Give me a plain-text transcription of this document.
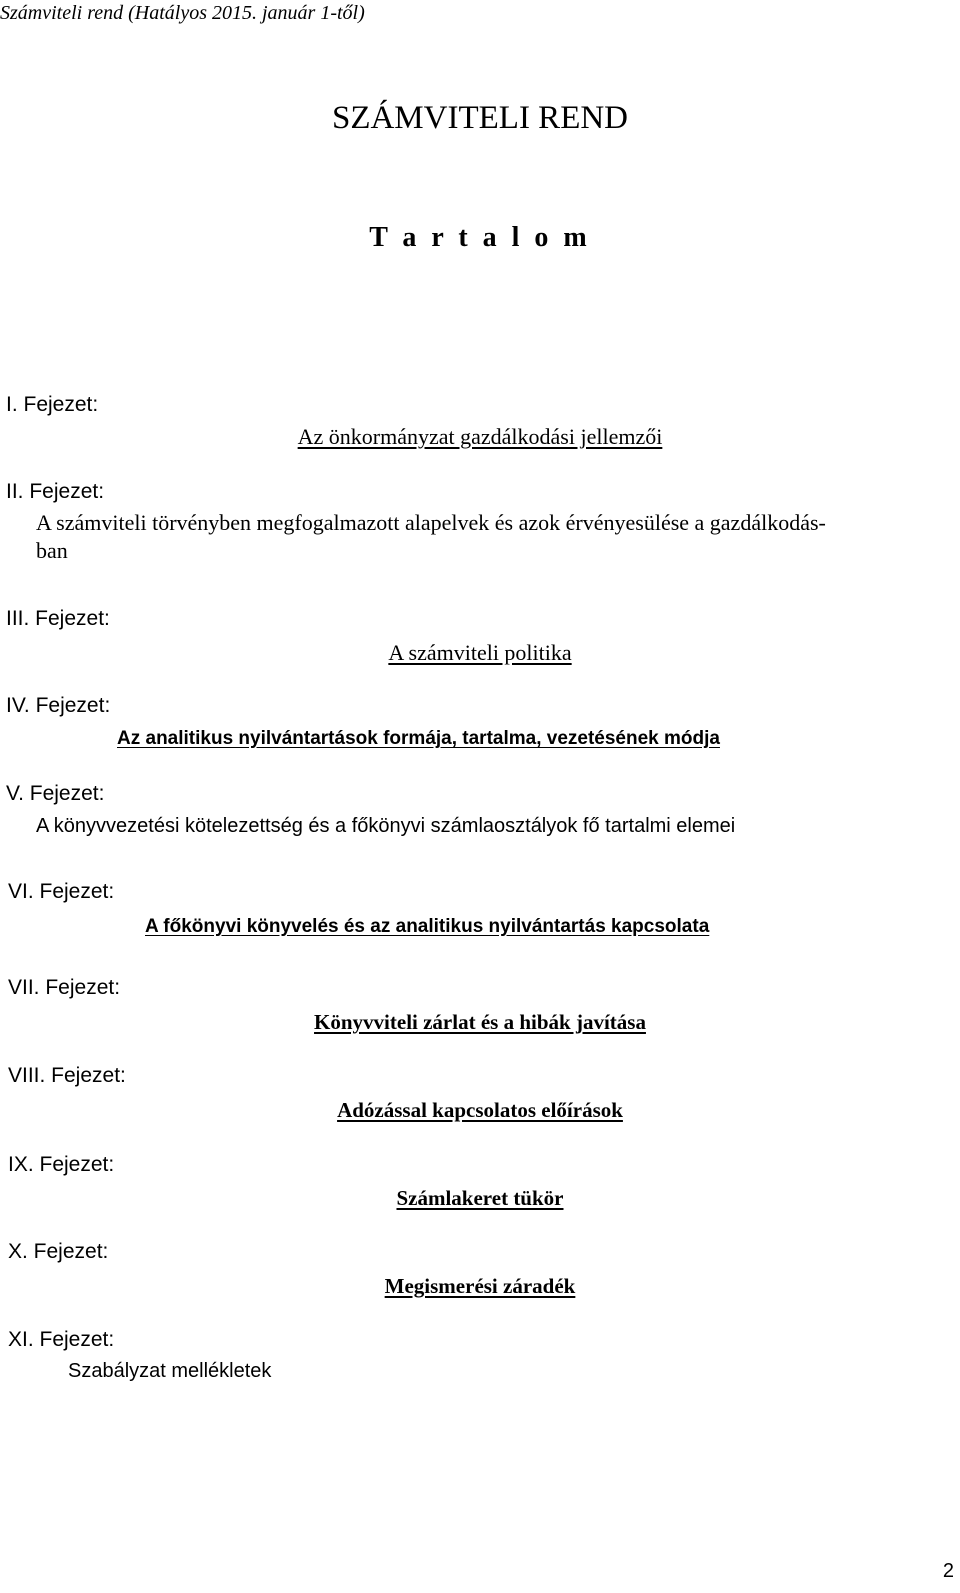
Számviteli rend (Hatályos 2015. január 1-től)
SZÁMVITELI REND
T a r t a l o m
I. Fejezet:
Az önkormányzat gazdálkodási jellemzői
II. Fejezet:
A számviteli törvényben megfogalmazott alapelvek és azok érvényesülése a gazdálkodás-
ban
III. Fejezet:
A számviteli politika
IV. Fejezet:
Az analitikus nyilvántartások formája, tartalma, vezetésének módja
V. Fejezet:
A könyvvezetési kötelezettség és a főkönyvi számlaosztályok fő tartalmi elemei
VI. Fejezet:
A főkönyvi könyvelés és az analitikus nyilvántartás kapcsolata
VII. Fejezet:
Könyvviteli zárlat és a hibák javítása
VIII. Fejezet:
Adózással kapcsolatos előírások
IX. Fejezet:
Számlakeret tükör
X. Fejezet:
Megismerési záradék
XI. Fejezet:
Szabályzat mellékletek
2
